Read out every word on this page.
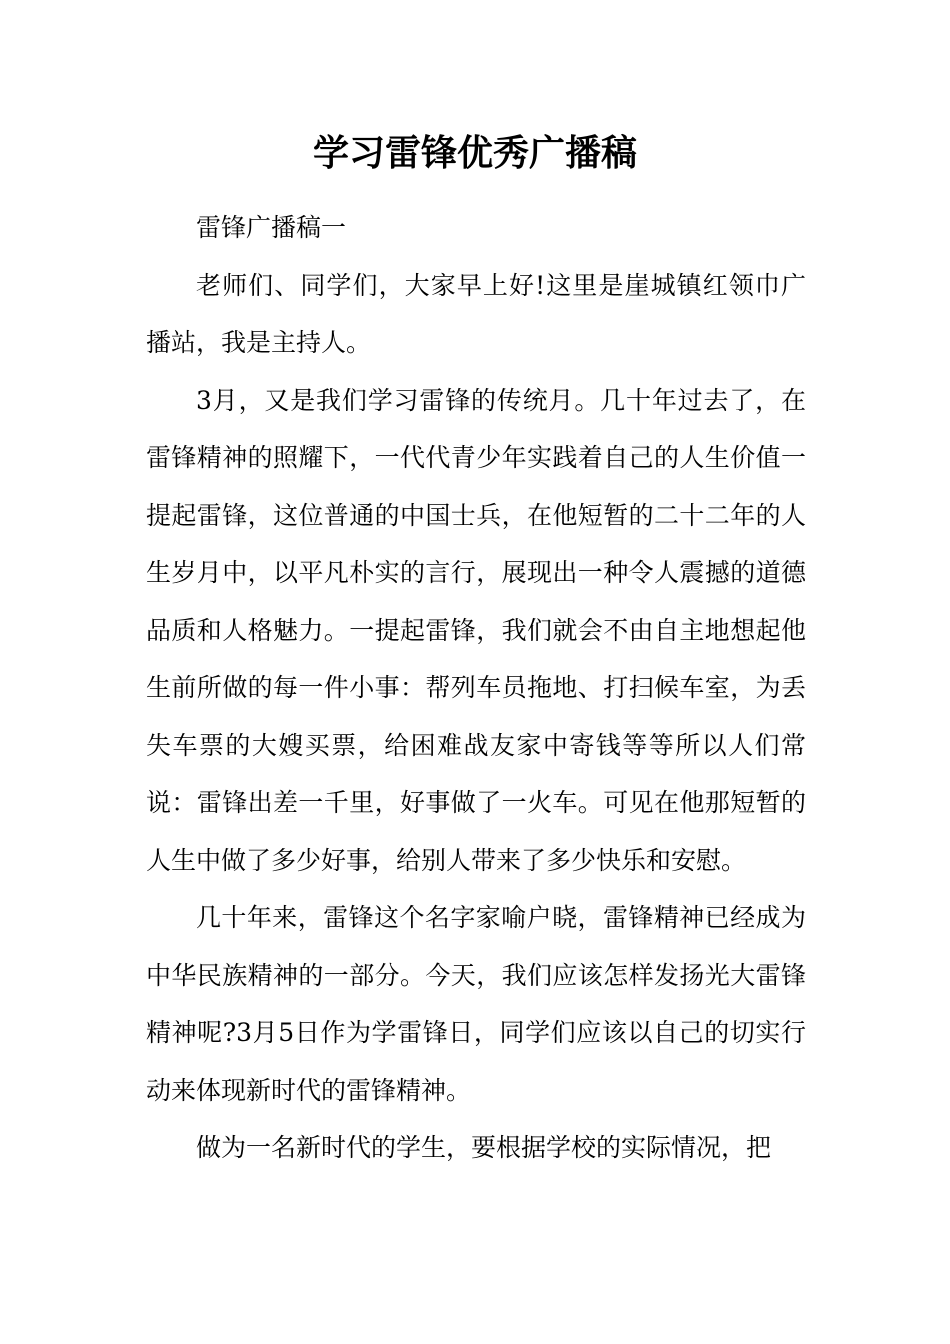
学习雷锋优秀广播稿

雷锋广播稿一

老师们、同学们，大家早上好!这里是崖城镇红领巾广播站，我是主持人。

3月，又是我们学习雷锋的传统月。几十年过去了，在雷锋精神的照耀下，一代代青少年实践着自己的人生价值一提起雷锋，这位普通的中国士兵，在他短暂的二十二年的人生岁月中，以平凡朴实的言行，展现出一种令人震撼的道德品质和人格魅力。一提起雷锋，我们就会不由自主地想起他生前所做的每一件小事：帮列车员拖地、打扫候车室，为丢失车票的大嫂买票，给困难战友家中寄钱等等所以人们常说：雷锋出差一千里，好事做了一火车。可见在他那短暂的人生中做了多少好事，给别人带来了多少快乐和安慰。

几十年来，雷锋这个名字家喻户晓，雷锋精神已经成为中华民族精神的一部分。今天，我们应该怎样发扬光大雷锋精神呢?3月5日作为学雷锋日，同学们应该以自己的切实行动来体现新时代的雷锋精神。

做为一名新时代的学生，要根据学校的实际情况，把
